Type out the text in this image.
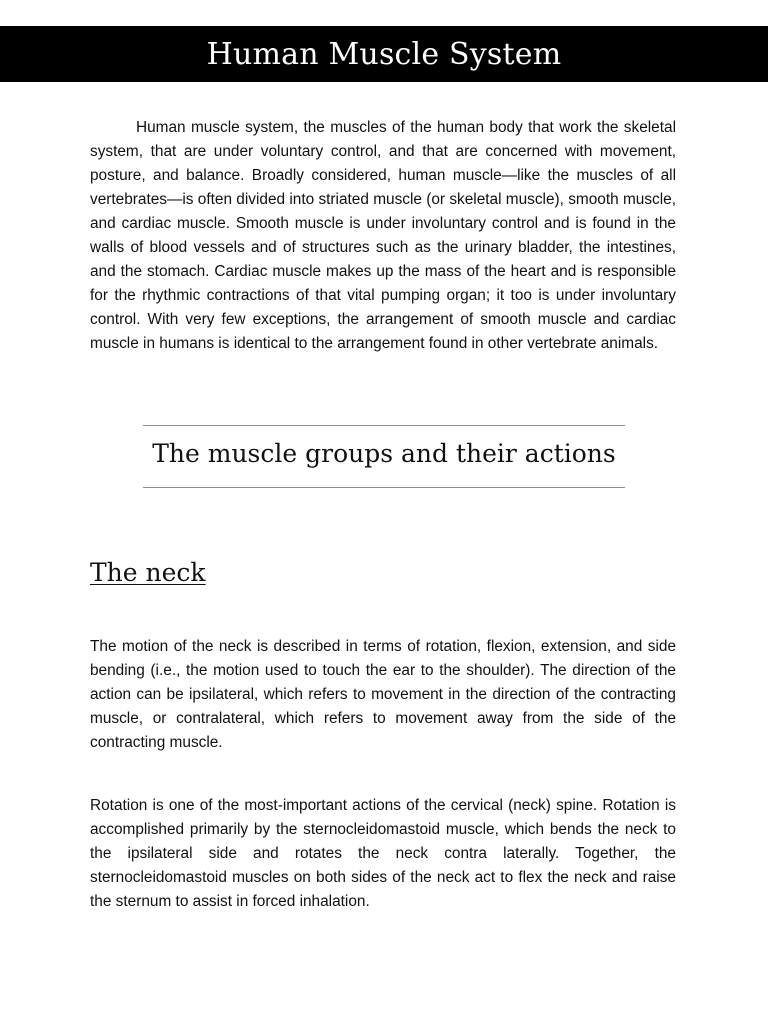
Human Muscle System

Human muscle system, the muscles of the human body that work the skeletal system, that are under voluntary control, and that are concerned with movement, posture, and balance. Broadly considered, human muscle—like the muscles of all vertebrates—is often divided into striated muscle (or skeletal muscle), smooth muscle, and cardiac muscle. Smooth muscle is under involuntary control and is found in the walls of blood vessels and of structures such as the urinary bladder, the intestines, and the stomach. Cardiac muscle makes up the mass of the heart and is responsible for the rhythmic contractions of that vital pumping organ; it too is under involuntary control. With very few exceptions, the arrangement of smooth muscle and cardiac muscle in humans is identical to the arrangement found in other vertebrate animals.

The muscle groups and their actions
The neck

The motion of the neck is described in terms of rotation, flexion, extension, and side bending (i.e., the motion used to touch the ear to the shoulder). The direction of the action can be ipsilateral, which refers to movement in the direction of the contracting muscle, or contralateral, which refers to movement away from the side of the contracting muscle.

Rotation is one of the most-important actions of the cervical (neck) spine. Rotation is accomplished primarily by the sternocleidomastoid muscle, which bends the neck to the ipsilateral side and rotates the neck contra laterally. Together, the sternocleidomastoid muscles on both sides of the neck act to flex the neck and raise the sternum to assist in forced inhalation.
